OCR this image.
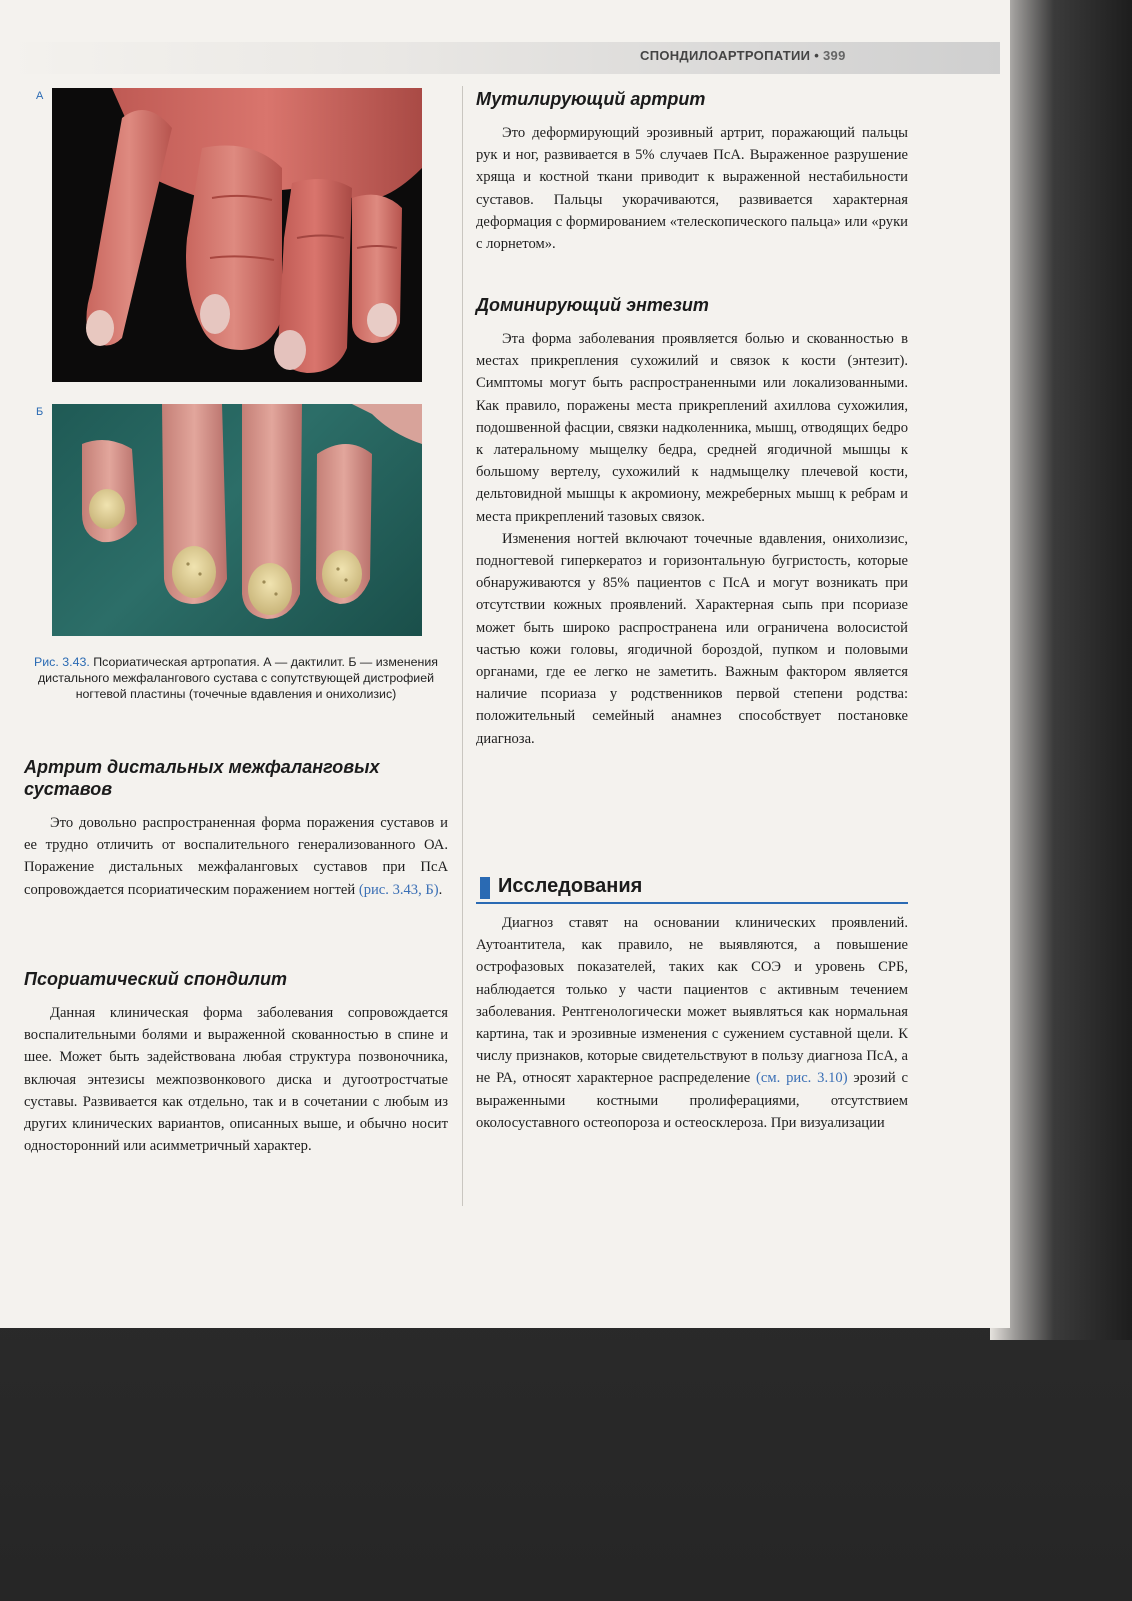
СПОНДИЛОАРТРОПАТИИ • 399
А
Б
Рис. 3.43. Псориатическая артропатия. А — дактилит. Б — изменения дистального межфалангового сустава с сопутствующей дистрофией ногтевой пластины (точечные вдавления и онихолизис)
Артрит дистальных межфаланговых суставов

Это довольно распространенная форма поражения суставов и ее трудно отличить от воспалительного генерализованного ОА. Поражение дистальных межфаланговых суставов при ПсА сопровождается псориатическим поражением ногтей (рис. 3.43, Б).

Псориатический спондилит

Данная клиническая форма заболевания сопровождается воспалительными болями и выраженной скованностью в спине и шее. Может быть задействована любая структура позвоночника, включая энтезисы межпозвонкового диска и дугоотростчатые суставы. Развивается как отдельно, так и в сочетании с любым из других клинических вариантов, описанных выше, и обычно носит односторонний или асимметричный характер.

Мутилирующий артрит

Это деформирующий эрозивный артрит, поражающий пальцы рук и ног, развивается в 5% случаев ПсА. Выраженное разрушение хряща и костной ткани приводит к выраженной нестабильности суставов. Пальцы укорачиваются, развивается характерная деформация с формированием «телескопического пальца» или «руки с лорнетом».

Доминирующий энтезит

Эта форма заболевания проявляется болью и скованностью в местах прикрепления сухожилий и связок к кости (энтезит). Симптомы могут быть распространенными или локализованными. Как правило, поражены места прикреплений ахиллова сухожилия, подошвенной фасции, связки надколенника, мышц, отводящих бедро к латеральному мыщелку бедра, средней ягодичной мышцы к большому вертелу, сухожилий к надмыщелку плечевой кости, дельтовидной мышцы к акромиону, межреберных мышц к ребрам и места прикреплений тазовых связок.

Изменения ногтей включают точечные вдавления, онихолизис, подногтевой гиперкератоз и горизонтальную бугристость, которые обнаруживаются у 85% пациентов с ПсА и могут возникать при отсутствии кожных проявлений. Характерная сыпь при псориазе может быть широко распространена или ограничена волосистой частью кожи головы, ягодичной бороздой, пупком и половыми органами, где ее легко не заметить. Важным фактором является наличие псориаза у родственников первой степени родства: положительный семейный анамнез способствует постановке диагноза.

Исследования

Диагноз ставят на основании клинических проявлений. Аутоантитела, как правило, не выявляются, а повышение острофазовых показателей, таких как СОЭ и уровень СРБ, наблюдается только у части пациентов с активным течением заболевания. Рентгенологически может выявляться как нормальная картина, так и эрозивные изменения с сужением суставной щели. К числу признаков, которые свидетельствуют в пользу диагноза ПсА, а не РА, относят характерное распределение (см. рис. 3.10) эрозий с выраженными костными пролиферациями, отсутствием околосуставного остеопороза и остеосклероза. При визуализации
